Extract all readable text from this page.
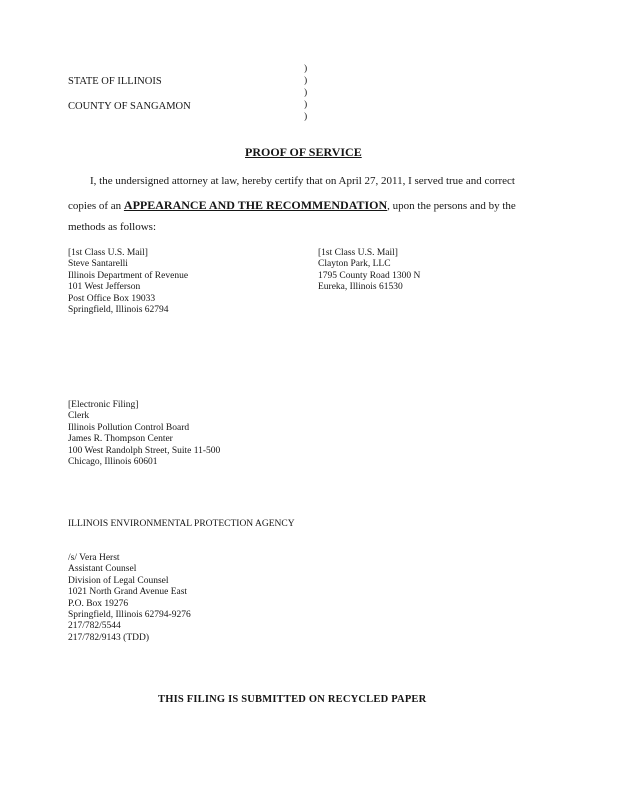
STATE OF ILLINOIS
COUNTY OF SANGAMON
)
)
)
)
)
PROOF OF SERVICE
I, the undersigned attorney at law, hereby certify that on April 27, 2011, I served true and correct
copies of an APPEARANCE AND THE RECOMMENDATION, upon the persons and by the
methods as follows:
[1st Class U.S. Mail]
Steve Santarelli
Illinois Department of Revenue
101 West Jefferson
Post Office Box 19033
Springfield, Illinois 62794
[1st Class U.S. Mail]
Clayton Park, LLC
1795 County Road 1300 N
Eureka, Illinois 61530
[Electronic Filing]
Clerk
Illinois Pollution Control Board
James R. Thompson Center
100 West Randolph Street, Suite 11-500
Chicago, Illinois 60601
ILLINOIS ENVIRONMENTAL PROTECTION AGENCY
/s/ Vera Herst
Assistant Counsel
Division of Legal Counsel
1021 North Grand Avenue East
P.O. Box 19276
Springfield, Illinois 62794-9276
217/782/5544
217/782/9143 (TDD)
THIS FILING IS SUBMITTED ON RECYCLED PAPER
